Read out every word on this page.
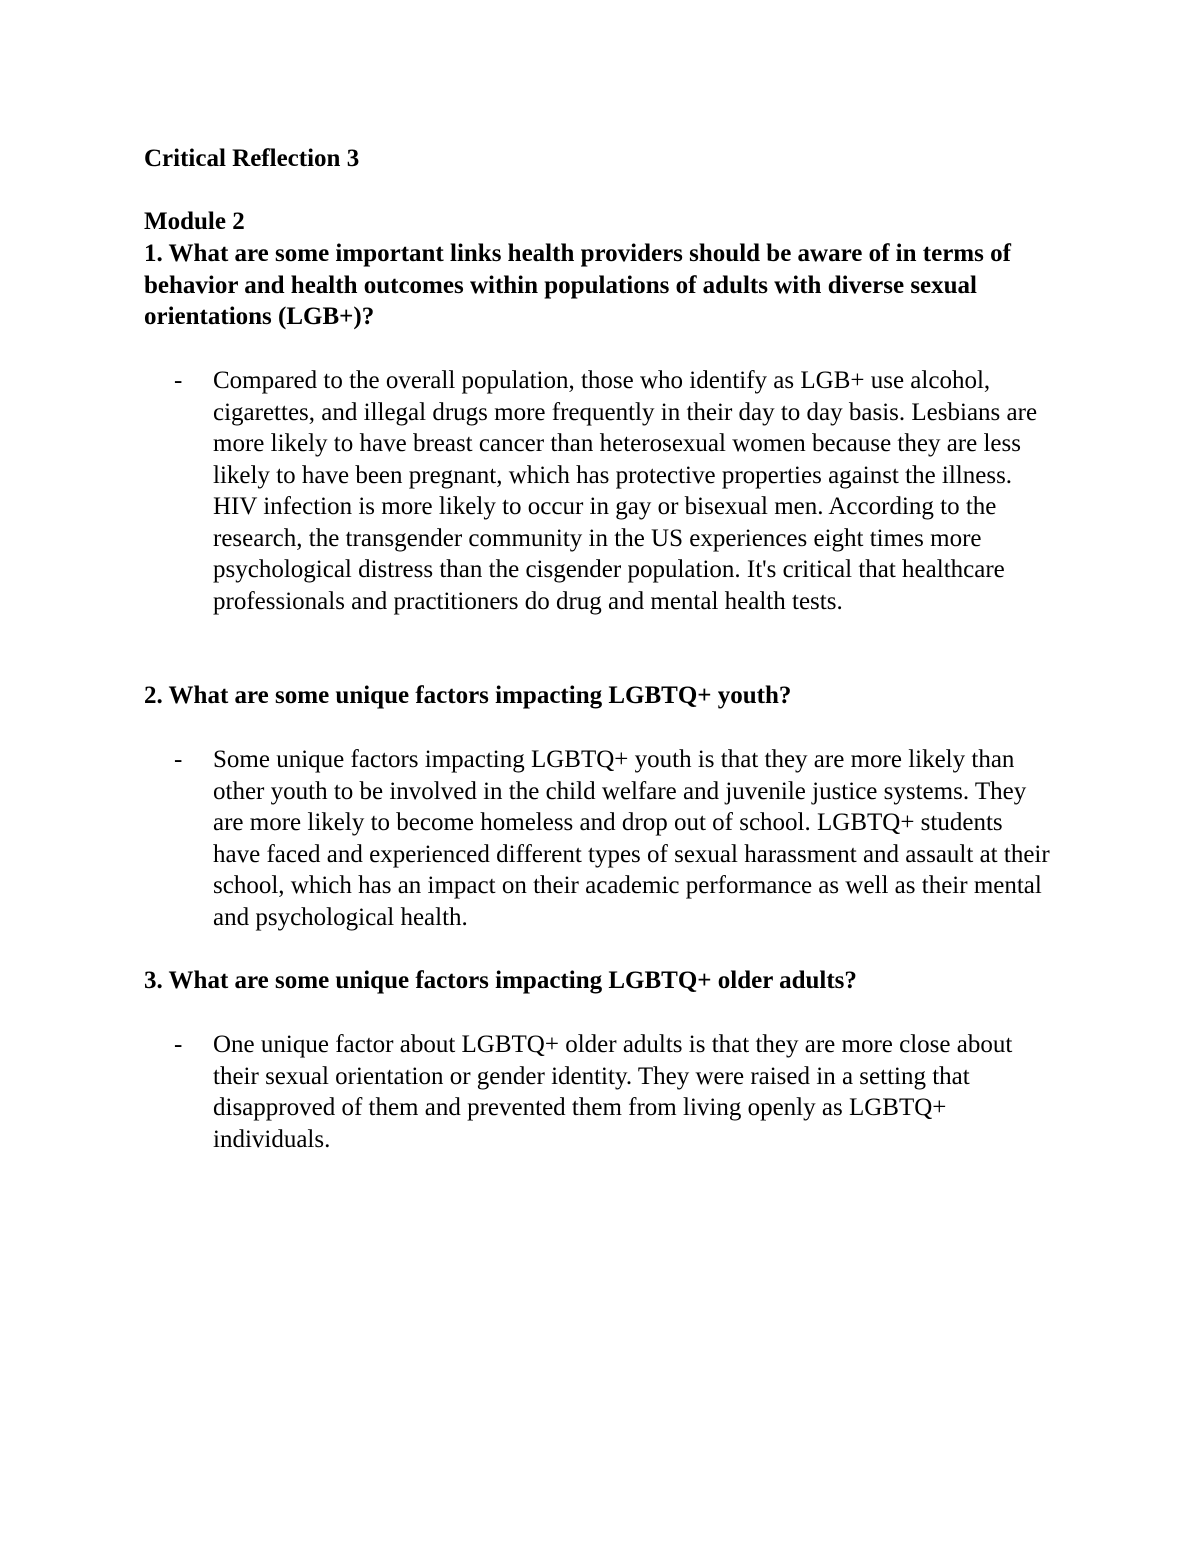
Critical Reflection 3

Module 2

1. What are some important links health providers should be aware of in terms of behavior and health outcomes within populations of adults with diverse sexual orientations (LGB+)?

-	Compared to the overall population, those who identify as LGB+ use alcohol, cigarettes, and illegal drugs more frequently in their day to day basis. Lesbians are more likely to have breast cancer than heterosexual women because they are less likely to have been pregnant, which has protective properties against the illness. HIV infection is more likely to occur in gay or bisexual men. According to the research, the transgender community in the US experiences eight times more psychological distress than the cisgender population. It's critical that healthcare professionals and practitioners do drug and mental health tests.

2. What are some unique factors impacting LGBTQ+ youth?

-	Some unique factors impacting LGBTQ+ youth is that they are more likely than other youth to be involved in the child welfare and juvenile justice systems. They are more likely to become homeless and drop out of school. LGBTQ+ students have faced and experienced different types of sexual harassment and assault at their school, which has an impact on their academic performance as well as their mental and psychological health.

3. What are some unique factors impacting LGBTQ+ older adults?

-	One unique factor about LGBTQ+ older adults is that they are more close about their sexual orientation or gender identity. They were raised in a setting that disapproved of them and prevented them from living openly as LGBTQ+ individuals.
